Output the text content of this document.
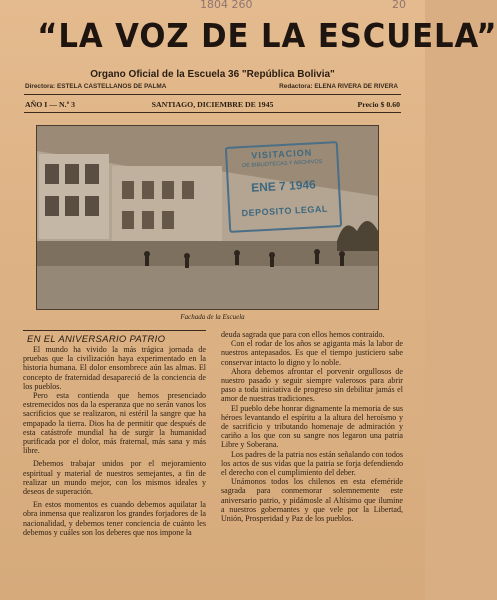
1804 260	20
“LA VOZ DE LA ESCUELA”
Organo Oficial de la Escuela 36 "República Bolivia"
Directora: ESTELA CASTELLANOS DE PALMA	Redactora: ELENA RIVERA DE RIVERA
AÑO I — N.º 3	SANTIAGO, DICIEMBRE DE 1945	Precio $ 0.60
VISITACION
DE BIBLIOTECAS Y ARCHIVOS
ENE 7 1946
DEPOSITO LEGAL
Fachada de la Escuela

El mundo ha vivido la más trágica jornada de pruebas que la civilización haya experimentado en la historia humana. El dolor ensombrece aún las almas. El concepto de fraternidad desapareció de la conciencia de los pueblos.

Pero esta contienda que hemos presenciado estremecidos nos da la esperanza que no serán vanos los sacrificios que se realizaron, ni estéril la sangre que ha empapado la tierra. Dios ha de permitir que después de esta catástrofe mundial ha de surgir la humanidad purificada por el dolor, más fraternal, más sana y más libre.

Debemos trabajar unidos por el mejoramiento espiritual y material de nuestros semejantes, a fin de realizar un mundo mejor, con los mismos ideales y deseos de superación.

En estos momentos es cuando debemos aquilatar la obra inmensa que realizaron los grandes forjadores de la nacionalidad, y debemos tener conciencia de cuánto les debemos y cuáles son los deberes que nos impone la

EN EL ANIVERSARIO PATRIO	deuda sagrada que para con ellos hemos contraído.

Con el rodar de los años se agiganta más la labor de nuestros antepasados. Es que el tiempo justiciero sabe conservar intacto lo digno y lo noble.

Ahora debemos afrontar el porvenir orgullosos de nuestro pasado y seguir siempre valerosos para abrir paso a toda iniciativa de progreso sin debilitar jamás el amor de nuestras tradiciones.

El pueblo debe honrar dignamente la memoria de sus héroes levantando el espíritu a la altura del heroísmo y de sacrificio y tributando homenaje de admiración y cariño a los que con su sangre nos legaron una patria Libre y Soberana.

Los padres de la patria nos están señalando con todos los actos de sus vidas que la patria se forja defendiendo el derecho con el cumplimiento del deber.

Unámonos todos los chilenos en esta efeméride sagrada para conmemorar solemnemente este aniversario patrio, y pidámosle al Altísimo que ilumine a nuestros gobernantes y que vele por la Libertad, Unión, Prosperidad y Paz de los pueblos.
